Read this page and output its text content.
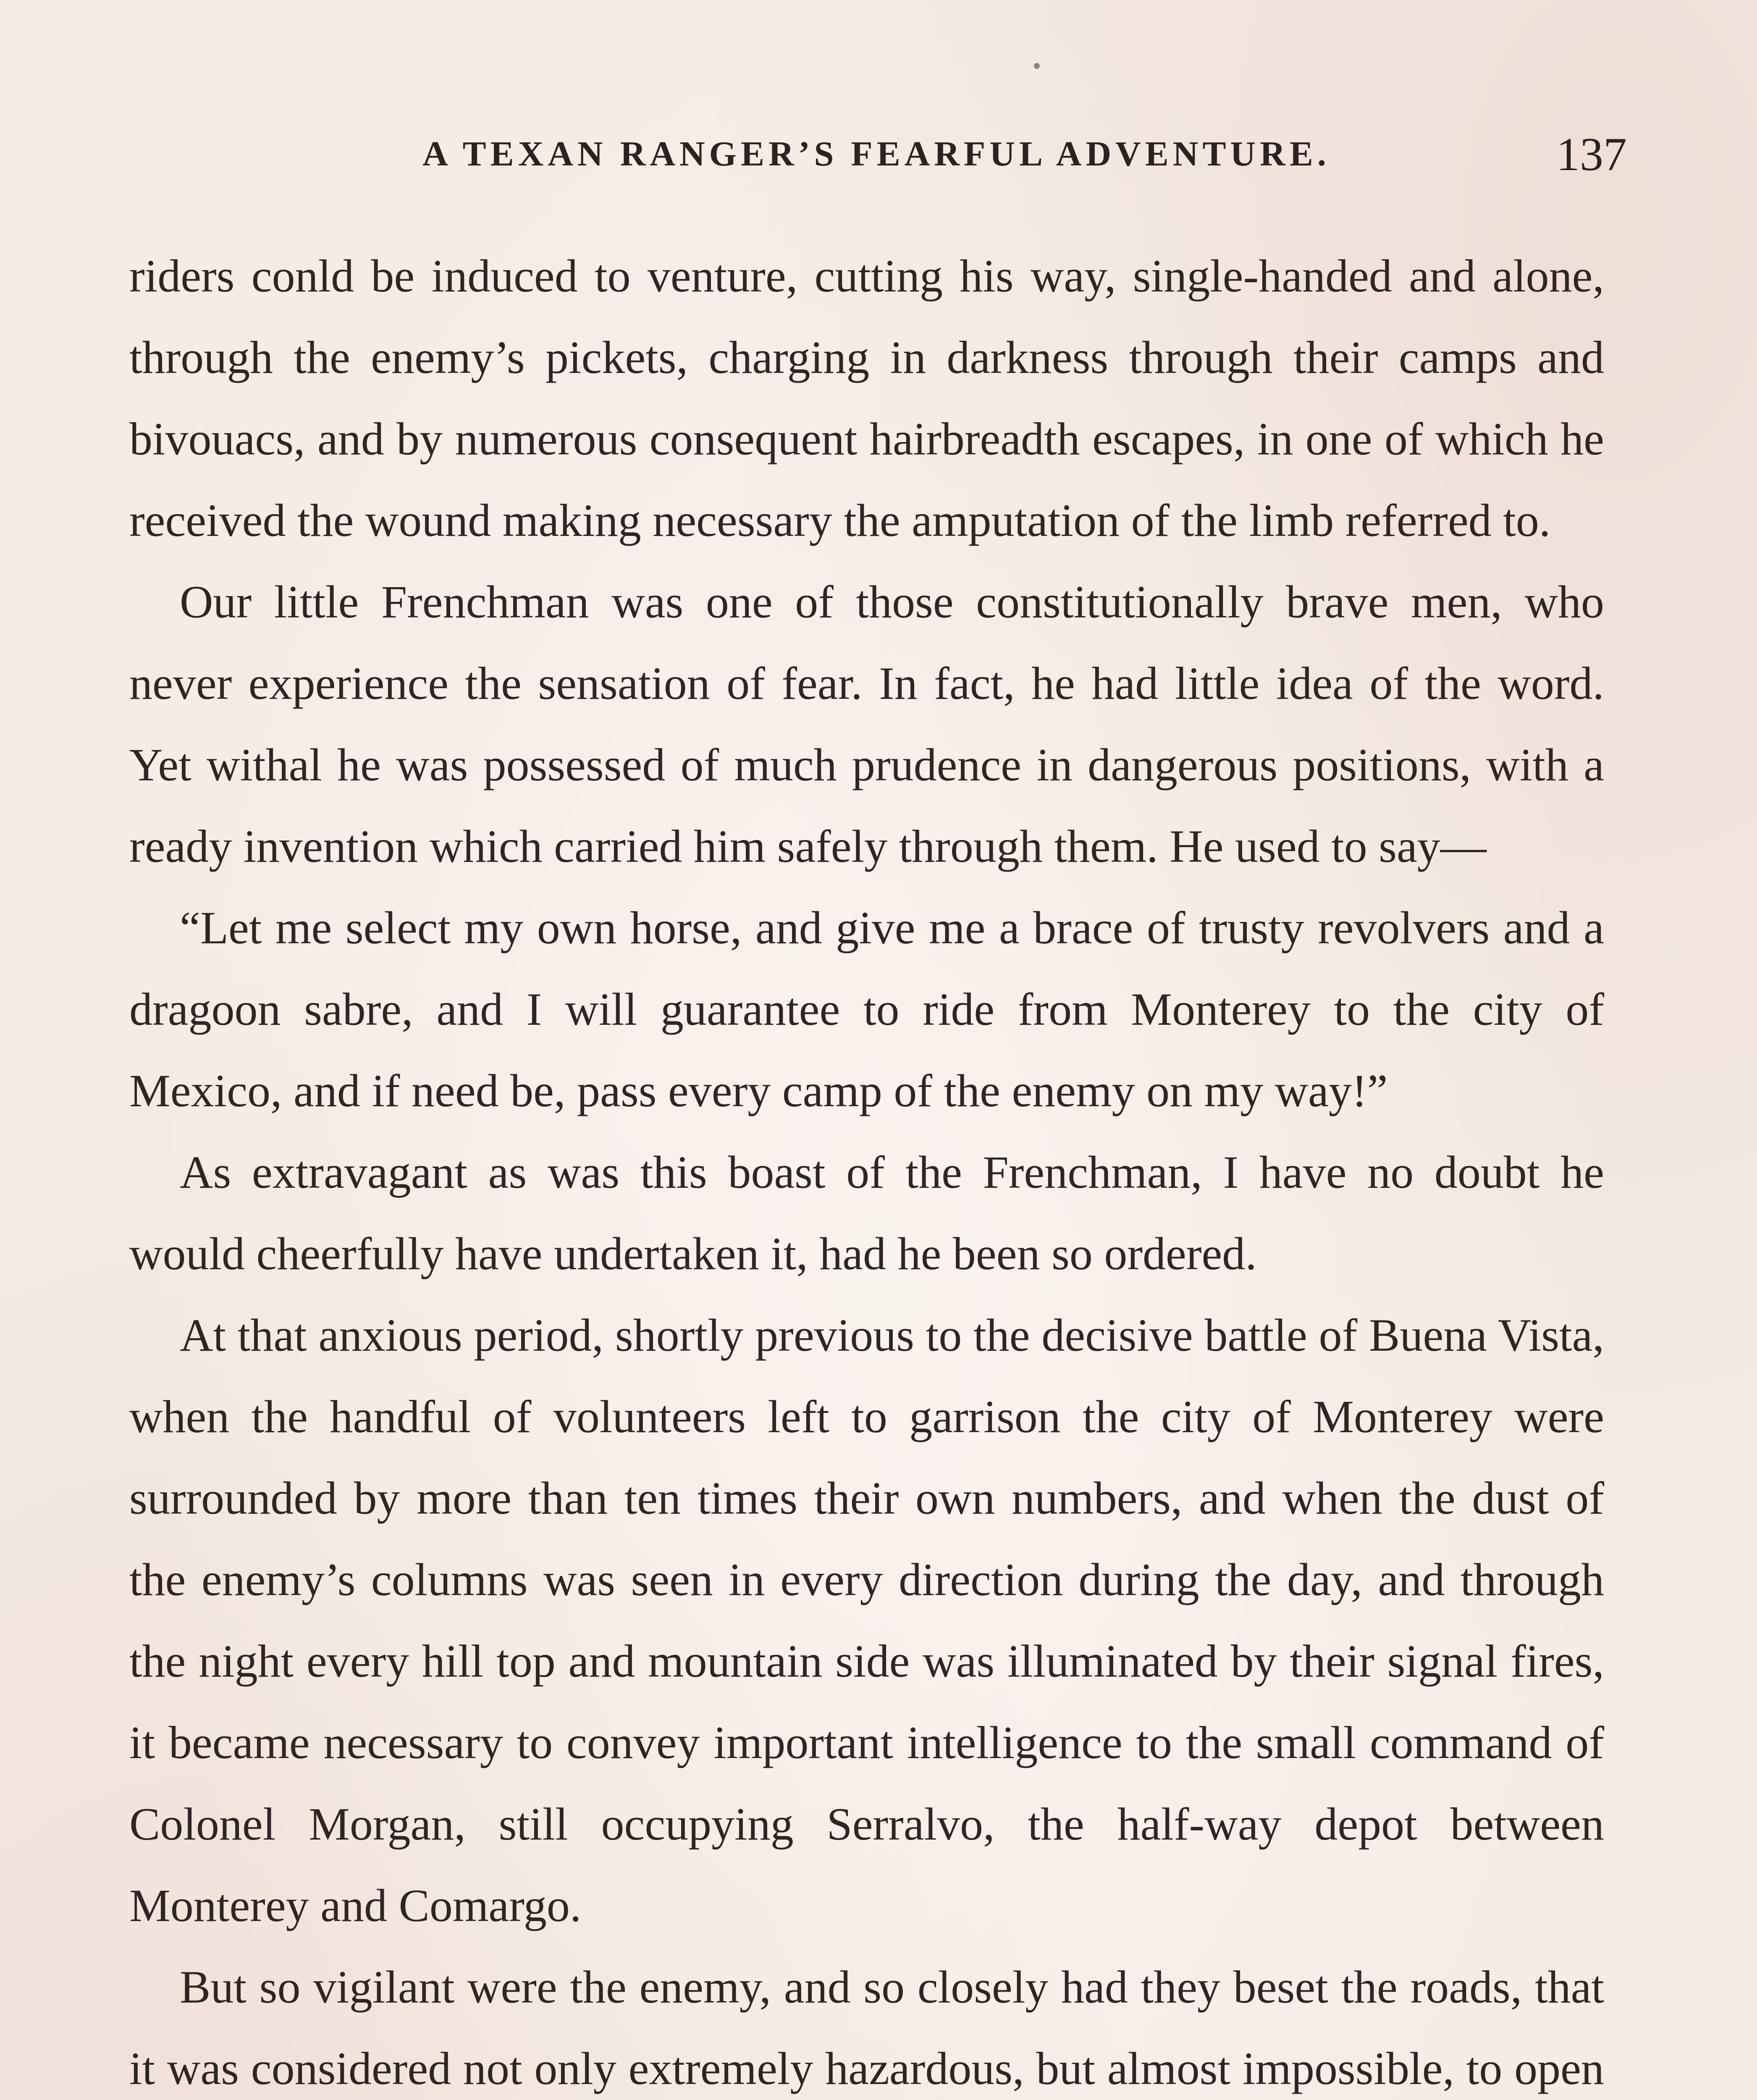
A TEXAN RANGER’S FEARFUL ADVENTURE.	137

riders conld be induced to venture, cutting his way, single-handed and alone, through the enemy’s pickets, charging in darkness through their camps and bivouacs, and by numerous consequent hairbreadth escapes, in one of which he received the wound making necessary the amputation of the limb referred to.

Our little Frenchman was one of those constitutionally brave men, who never experience the sensation of fear. In fact, he had little idea of the word. Yet withal he was possessed of much prudence in dangerous positions, with a ready invention which carried him safely through them. He used to say—

“Let me select my own horse, and give me a brace of trusty revolvers and a dragoon sabre, and I will guarantee to ride from Monterey to the city of Mexico, and if need be, pass every camp of the enemy on my way!”

As extravagant as was this boast of the Frenchman, I have no doubt he would cheerfully have undertaken it, had he been so ordered.

At that anxious period, shortly previous to the decisive battle of Buena Vista, when the handful of volunteers left to garrison the city of Monterey were surrounded by more than ten times their own numbers, and when the dust of the enemy’s columns was seen in every direction during the day, and through the night every hill top and mountain side was illuminated by their signal fires, it became necessary to convey important intelligence to the small command of Colonel Morgan, still occupying Serralvo, the half-way depot between Monterey and Comargo.

But so vigilant were the enemy, and so closely had they beset the roads, that it was considered not only extremely hazardous, but almost impossible, to open
